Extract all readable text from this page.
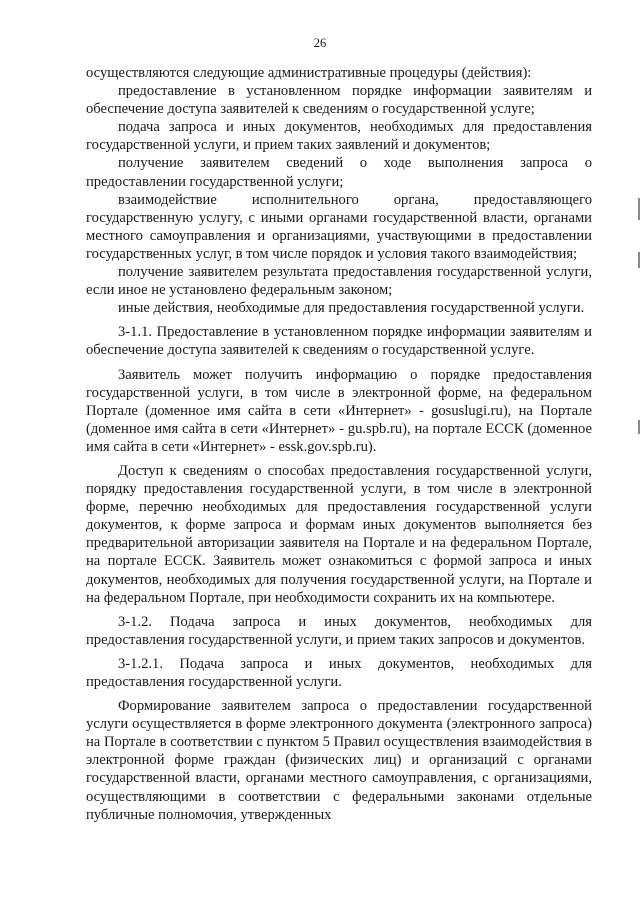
26

осуществляются следующие административные процедуры (действия):

предоставление в установленном порядке информации заявителям и обеспечение доступа заявителей к сведениям о государственной услуге;

подача запроса и иных документов, необходимых для предоставления государственной услуги, и прием таких заявлений и документов;

получение заявителем сведений о ходе выполнения запроса о предоставлении государственной услуги;

взаимодействие исполнительного органа, предоставляющего государственную услугу, с иными органами государственной власти, органами местного самоуправления и организациями, участвующими в предоставлении государственных услуг, в том числе порядок и условия такого взаимодействия;

получение заявителем результата предоставления государственной услуги, если иное не установлено федеральным законом;

иные действия, необходимые для предоставления государственной услуги.

3-1.1. Предоставление в установленном порядке информации заявителям и обеспечение доступа заявителей к сведениям о государственной услуге.

Заявитель может получить информацию о порядке предоставления государственной услуги, в том числе в электронной форме, на федеральном Портале (доменное имя сайта в сети «Интернет» - gosuslugi.ru), на Портале (доменное имя сайта в сети «Интернет» - gu.spb.ru), на портале ЕССК (доменное имя сайта в сети «Интернет» - essk.gov.spb.ru).

Доступ к сведениям о способах предоставления государственной услуги, порядку предоставления государственной услуги, в том числе в электронной форме, перечню необходимых для предоставления государственной услуги документов, к форме запроса и формам иных документов выполняется без предварительной авторизации заявителя на Портале и на федеральном Портале, на портале ЕССК. Заявитель может ознакомиться с формой запроса и иных документов, необходимых для получения государственной услуги, на Портале и на федеральном Портале, при необходимости сохранить их на компьютере.

3-1.2. Подача запроса и иных документов, необходимых для предоставления государственной услуги, и прием таких запросов и документов.

3-1.2.1. Подача запроса и иных документов, необходимых для предоставления государственной услуги.

Формирование заявителем запроса о предоставлении государственной услуги осуществляется в форме электронного документа (электронного запроса) на Портале в соответствии с пунктом 5 Правил осуществления взаимодействия в электронной форме граждан (физических лиц) и организаций с органами государственной власти, органами местного самоуправления, с организациями, осуществляющими в соответствии с федеральными законами отдельные публичные полномочия, утвержденных
